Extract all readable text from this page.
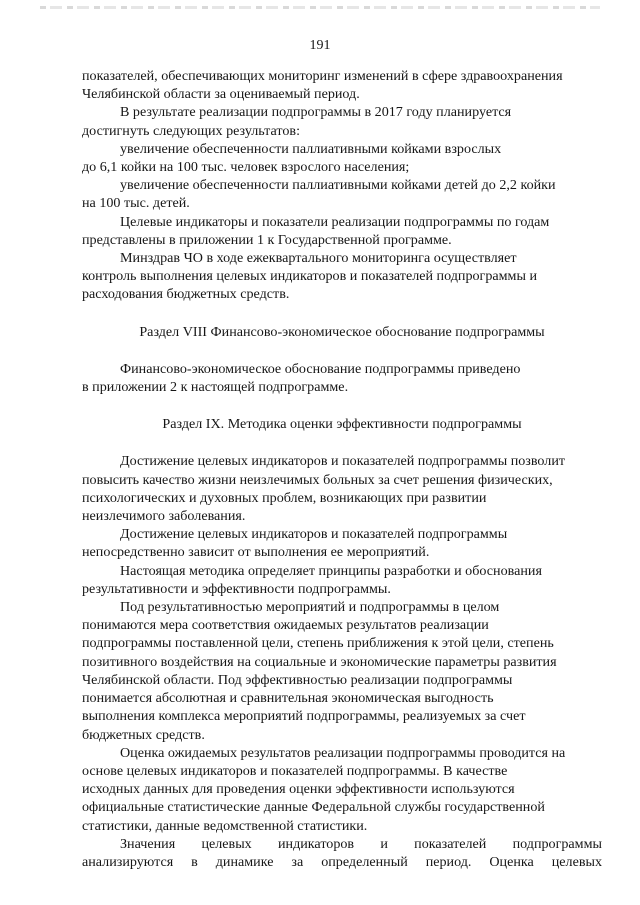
191

показателей, обеспечивающих мониторинг изменений в сфере здравоохранения
Челябинской области за оцениваемый период.

В результате реализации подпрограммы в 2017 году планируется
достигнуть следующих результатов:

увеличение обеспеченности паллиативными койками взрослых
до 6,1 койки на 100 тыс. человек взрослого населения;

увеличение обеспеченности паллиативными койками детей до 2,2 койки
на 100 тыс. детей.

Целевые индикаторы и показатели реализации подпрограммы по годам
представлены в приложении 1 к Государственной программе.

Минздрав ЧО в ходе ежеквартального мониторинга осуществляет
контроль выполнения целевых индикаторов и показателей подпрограммы и
расходования бюджетных средств.

Раздел VIII Финансово-экономическое обоснование подпрограммы

Финансово-экономическое обоснование подпрограммы приведено
в приложении 2 к настоящей подпрограмме.

Раздел IX. Методика оценки эффективности подпрограммы

Достижение целевых индикаторов и показателей подпрограммы позволит
повысить качество жизни неизлечимых больных за счет решения физических,
психологических и духовных проблем, возникающих при развитии
неизлечимого заболевания.

Достижение целевых индикаторов и показателей подпрограммы
непосредственно зависит от выполнения ее мероприятий.

Настоящая методика определяет принципы разработки и обоснования
результативности и эффективности подпрограммы.

Под результативностью мероприятий и подпрограммы в целом
понимаются мера соответствия ожидаемых результатов реализации
подпрограммы поставленной цели, степень приближения к этой цели, степень
позитивного воздействия на социальные и экономические параметры развития
Челябинской области. Под эффективностью реализации подпрограммы
понимается абсолютная и сравнительная экономическая выгодность
выполнения комплекса мероприятий подпрограммы, реализуемых за счет
бюджетных средств.

Оценка ожидаемых результатов реализации подпрограммы проводится на
основе целевых индикаторов и показателей подпрограммы. В качестве
исходных данных для проведения оценки эффективности используются
официальные статистические данные Федеральной службы государственной
статистики, данные ведомственной статистики.

Значения целевых индикаторов и показателей подпрограммы
анализируются в динамике за определенный период. Оценка целевых
